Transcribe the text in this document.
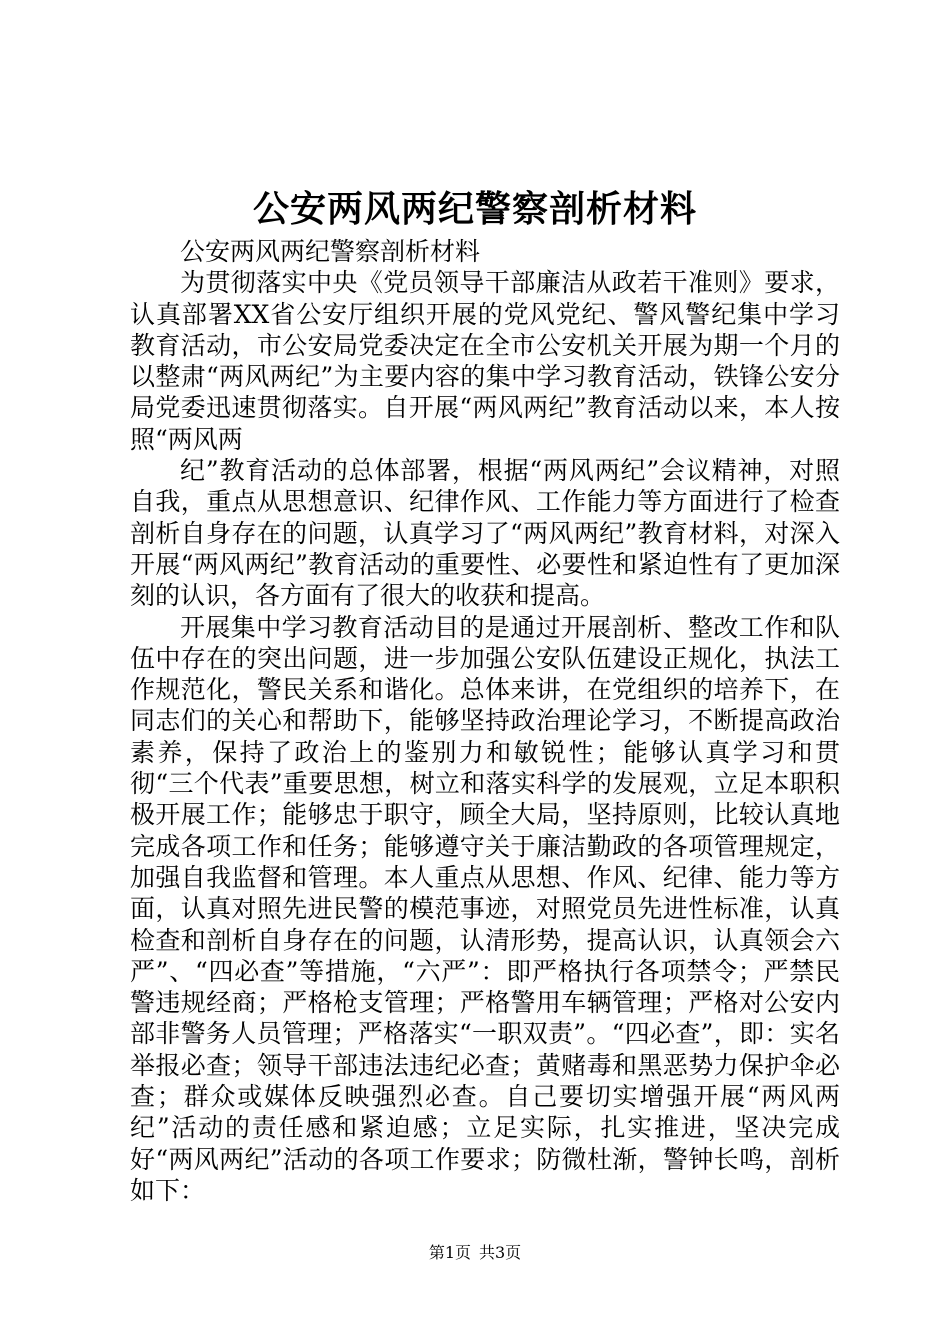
公安两风两纪警察剖析材料

公安两风两纪警察剖析材料

为贯彻落实中央《党员领导干部廉洁从政若干准则》要求，认真部署XX省公安厅组织开展的党风党纪、警风警纪集中学习教育活动，市公安局党委决定在全市公安机关开展为期一个月的以整肃“两风两纪”为主要内容的集中学习教育活动，铁锋公安分局党委迅速贯彻落实。自开展“两风两纪”教育活动以来，本人按照“两风两

纪”教育活动的总体部署，根据“两风两纪”会议精神，对照自我，重点从思想意识、纪律作风、工作能力等方面进行了检查剖析自身存在的问题，认真学习了“两风两纪”教育材料，对深入开展“两风两纪”教育活动的重要性、必要性和紧迫性有了更加深刻的认识，各方面有了很大的收获和提高。

开展集中学习教育活动目的是通过开展剖析、整改工作和队伍中存在的突出问题，进一步加强公安队伍建设正规化，执法工作规范化，警民关系和谐化。总体来讲，在党组织的培养下，在同志们的关心和帮助下，能够坚持政治理论学习，不断提高政治素养，保持了政治上的鉴别力和敏锐性；能够认真学习和贯彻“三个代表”重要思想，树立和落实科学的发展观，立足本职积极开展工作；能够忠于职守，顾全大局，坚持原则，比较认真地完成各项工作和任务；能够遵守关于廉洁勤政的各项管理规定，加强自我监督和管理。本人重点从思想、作风、纪律、能力等方面，认真对照先进民警的模范事迹，对照党员先进性标准，认真检查和剖析自身存在的问题，认清形势，提高认识，认真领会六严”、“四必查”等措施，“六严”：即严格执行各项禁令；严禁民警违规经商；严格枪支管理；严格警用车辆管理；严格对公安内部非警务人员管理；严格落实“一职双责”。“四必查”，即：实名举报必查；领导干部违法违纪必查；黄赌毒和黑恶势力保护伞必查；群众或媒体反映强烈必查。自己要切实增强开展“两风两纪”活动的责任感和紧迫感；立足实际，扎实推进，坚决完成好“两风两纪”活动的各项工作要求；防微杜渐，警钟长鸣，剖析如下：

第1页 共3页
